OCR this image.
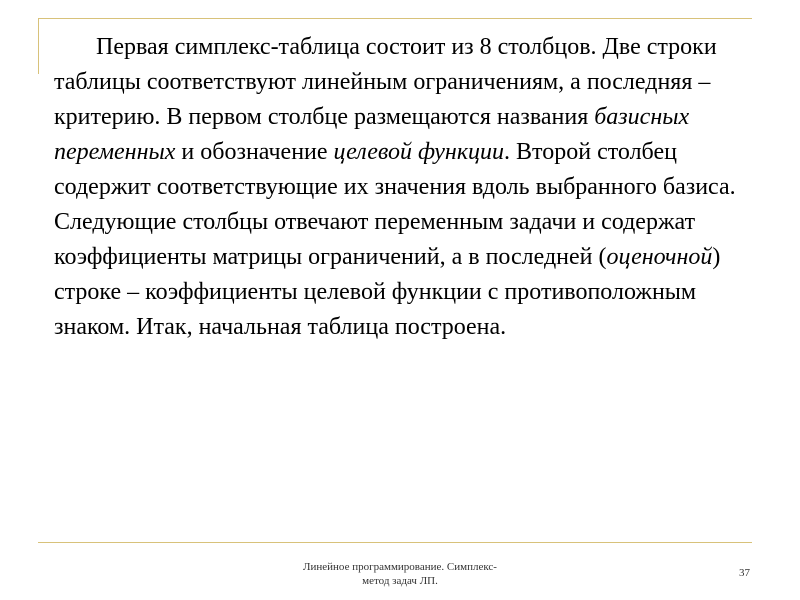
Первая симплекс-таблица состоит из 8 столбцов. Две строки таблицы соответствуют линейным ограничениям, а последняя – критерию. В первом столбце размещаются названия базисных переменных и обозначение целевой функции. Второй столбец содержит соответствующие их значения вдоль выбранного базиса. Следующие столбцы отвечают переменным задачи и содержат коэффициенты матрицы ограничений, а в последней (оценочной) строке – коэффициенты целевой функции с противоположным знаком. Итак, начальная таблица построена.

Линейное программирование. Симплекс-
метод задач ЛП.
37
